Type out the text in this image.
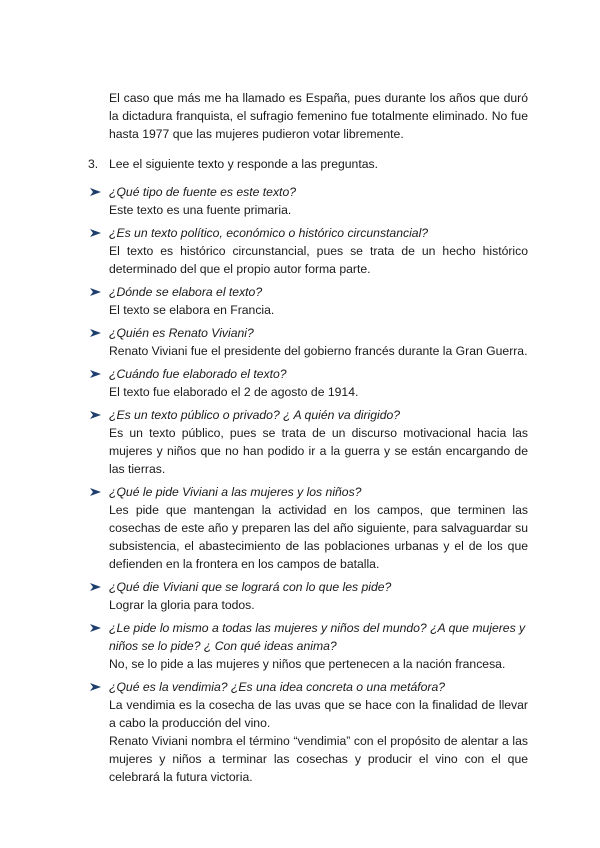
El caso que más me ha llamado es España, pues durante los años que duró la dictadura franquista, el sufragio femenino fue totalmente eliminado. No fue hasta 1977 que las mujeres pudieron votar libremente.

3. Lee el siguiente texto y responde a las preguntas.

¿Qué tipo de fuente es este texto?

Este texto es una fuente primaria.

¿Es un texto político, económico o histórico circunstancial?

El texto es histórico circunstancial, pues se trata de un hecho histórico determinado del que el propio autor forma parte.

¿Dónde se elabora el texto?

El texto se elabora en Francia.

¿Quién es Renato Viviani?

Renato Viviani fue el presidente del gobierno francés durante la Gran Guerra.

¿Cuándo fue elaborado el texto?

El texto fue elaborado el 2 de agosto de 1914.

¿Es un texto público o privado? ¿ A quién va dirigido?

Es un texto público, pues se trata de un discurso motivacional hacia las mujeres y niños que no han podido ir a la guerra y se están encargando de las tierras.

¿Qué le pide Viviani a las mujeres y los niños?

Les pide que mantengan la actividad en los campos, que terminen las cosechas de este año y preparen las del año siguiente, para salvaguardar su subsistencia, el abastecimiento de las poblaciones urbanas y el de los que defienden en la frontera en los campos de batalla.

¿Qué die Viviani que se logrará con lo que les pide?

Lograr la gloria para todos.

¿Le pide lo mismo a todas las mujeres y niños del mundo? ¿A que mujeres y niños se lo pide? ¿ Con qué ideas anima?

No, se lo pide a las mujeres y niños que pertenecen a la nación francesa.

¿Qué es la vendimia? ¿Es una idea concreta o una metáfora?

La vendimia es la cosecha de las uvas que se hace con la finalidad de llevar a cabo la producción del vino.

Renato Viviani nombra el término “vendimia” con el propósito de alentar a las mujeres y niños a terminar las cosechas y producir el vino con el que celebrará la futura victoria.
